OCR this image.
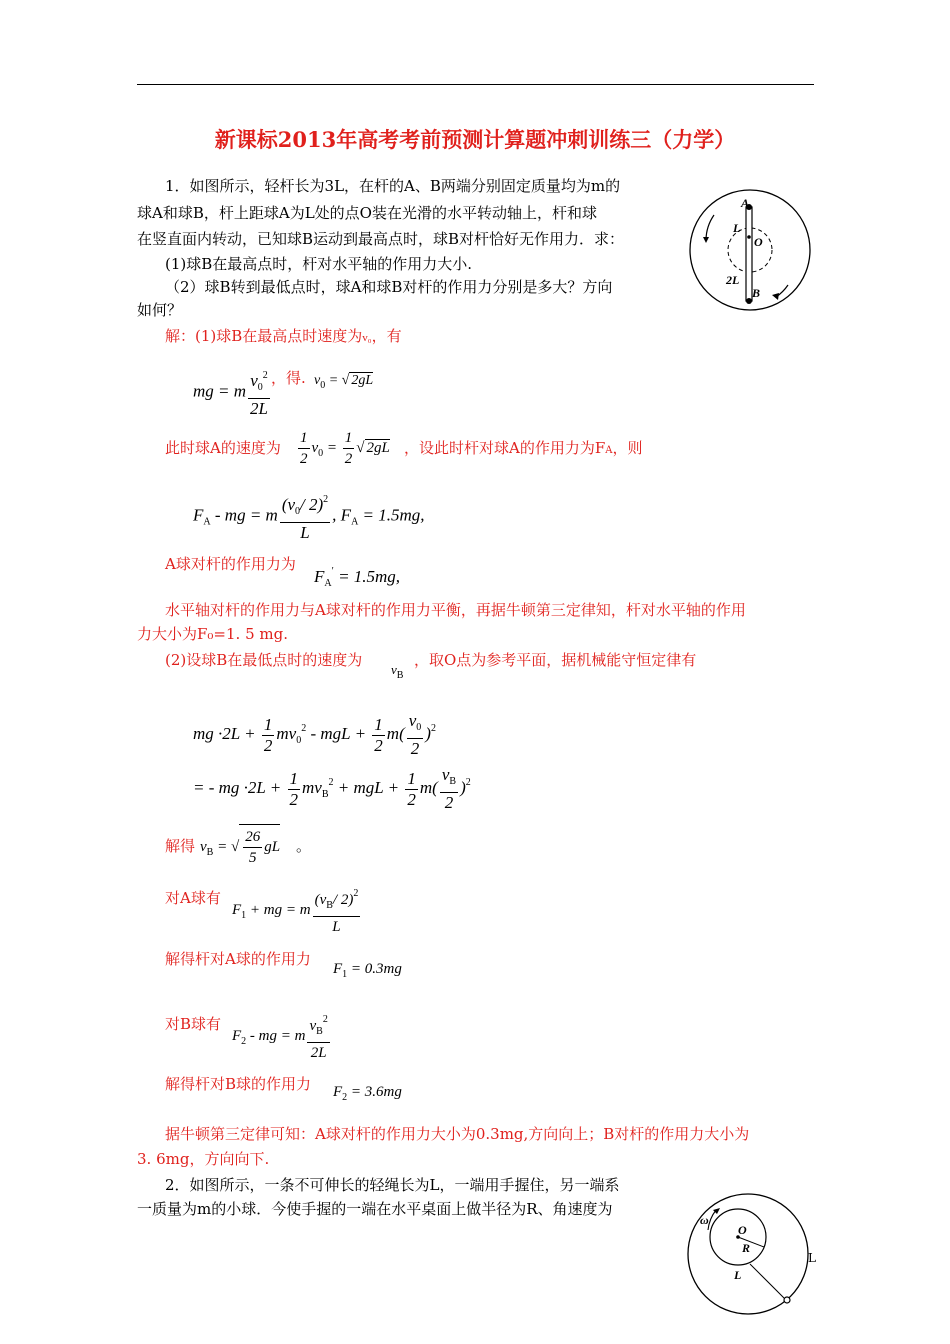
新课标2013年高考考前预测计算题冲刺训练三（力学）
1．如图所示，轻杆长为3L，在杆的A、B两端分别固定质量均为m的
球A和球B，杆上距球A为L处的点O装在光滑的水平转动轴上，杆和球
在竖直面内转动，已知球B运动到最高点时，球B对杆恰好无作用力．求：
(1)球B在最高点时，杆对水平轴的作用力大小.
（2）球B转到最低点时，球A和球B对杆的作用力分别是多大？方向
如何？
A
L
O
2L
B
解：(1)球B在最高点时速度为v₀，有
mg = m $\frac{v_0^2}{2L}$ ，得. $v_0$ = √ 2gL
此时球A的速度为 $\frac{1}{2} v_0 = \frac{1}{2}$ √ 2gL ，设此时杆对球A的作用力为FA，则
$F_A$ - mg = m $\frac{(v_0/ 2)^2}{L}$ , $F_A = 1.5mg$,
A球对杆的作用力为
$F_A' = 1.5mg$,
水平轴对杆的作用力与A球对杆的作用力平衡，再据牛顿第三定律知，杆对水平轴的作用
力大小为F₀=1. 5 mg.
(2)设球B在最低点时的速度为
$v_B$
，取O点为参考平面，据机械能守恒定律有
mg $\cdot 2L + \frac{1}{2} mv_0^2$ - mgL + $\frac{1}{2} m( \frac{v_0}{2} )^2$
= - mg $\cdot 2L + \frac{1}{2} mv_B^2$ + mgL + $\frac{1}{2} m( \frac{v_B}{2} )^2$
解得 $v_B$ = √ $\frac{26}{5}$ gL 。
对A球有
$F_1$ + mg = m $\frac{(v_B/ 2)^2}{L}$
解得杆对A球的作用力
$F_1 = 0.3mg$
对B球有
$F_2$ - mg = m $\frac{v_B^2}{2L}$
解得杆对B球的作用力 $F_2 = 3.6mg$
据牛顿第三定律可知：A球对杆的作用力大小为0.3mg,方向向上；B对杆的作用力大小为
3. 6mg，方向向下.
2．如图所示，一条不可伸长的轻绳长为L，一端用手握住，另一端系
一质量为m的小球．今使手握的一端在水平桌面上做半径为R、角速度为
ω
O
R
L
L
